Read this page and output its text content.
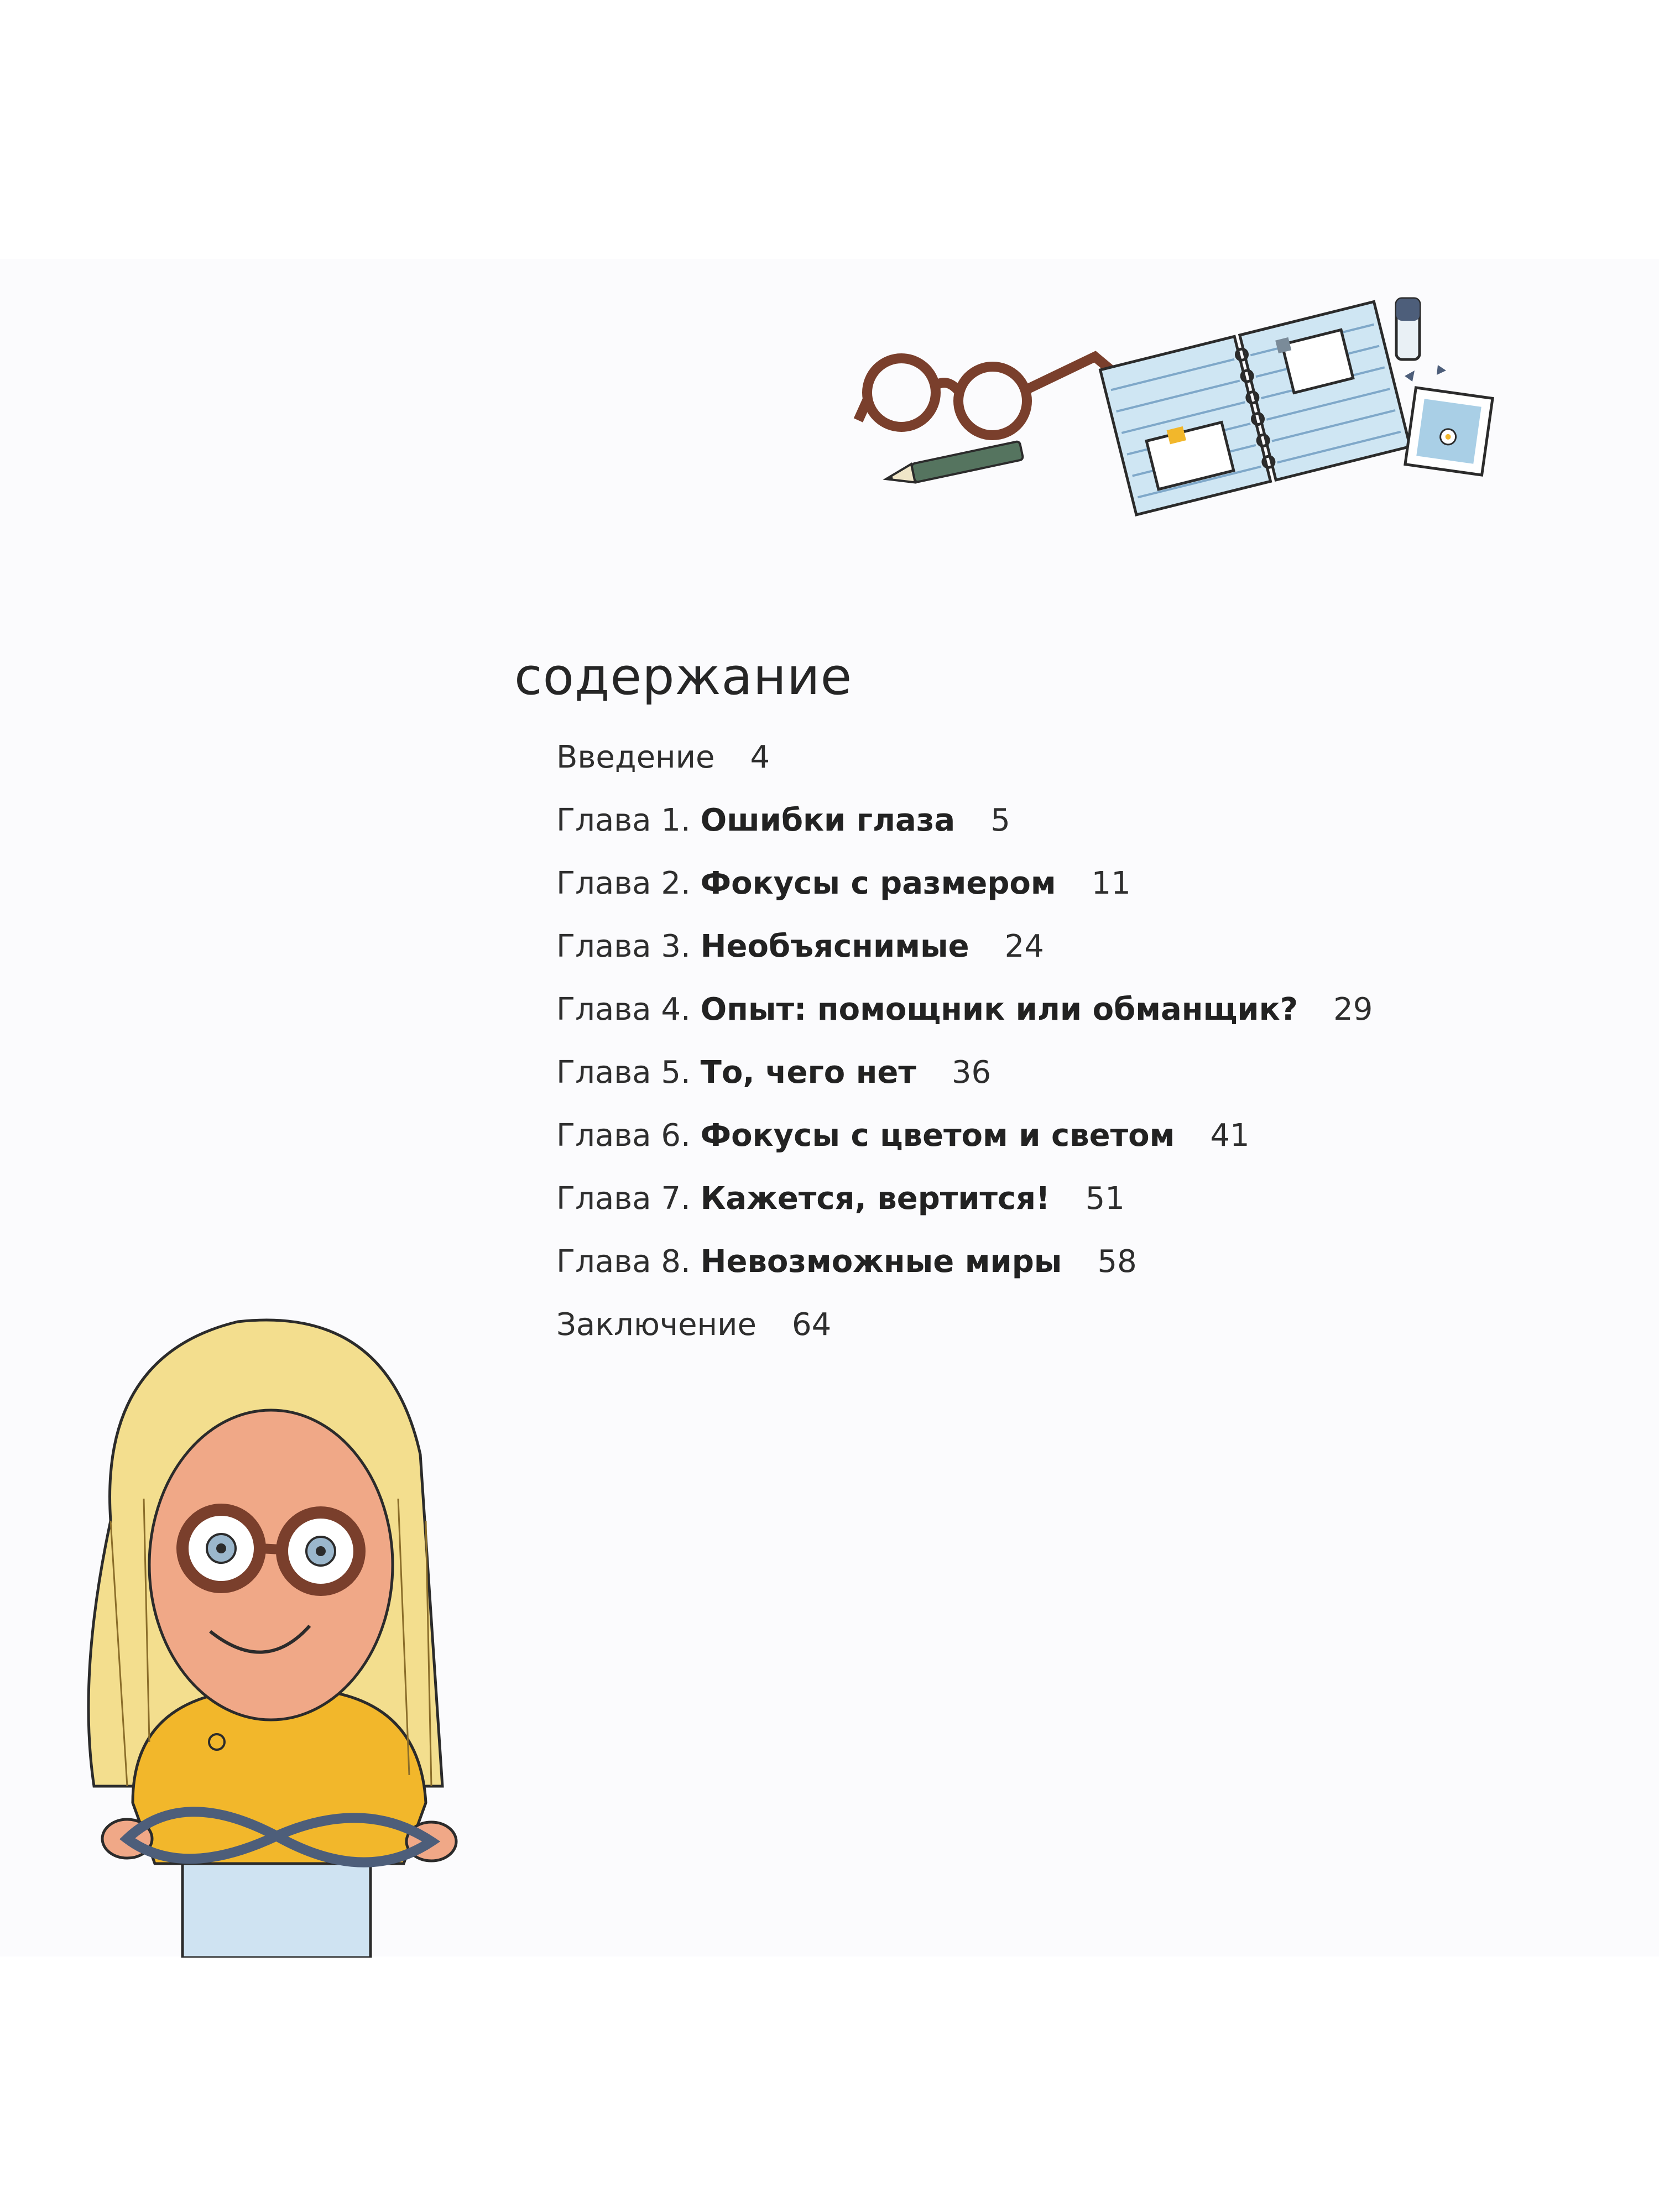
содержание
Введение 4
Глава 1. Ошибки глаза 5
Глава 2. Фокусы с размером 11
Глава 3. Необъяснимые 24
Глава 4. Опыт: помощник или обманщик? 29
Глава 5. То, чего нет 36
Глава 6. Фокусы с цветом и светом 41
Глава 7. Кажется, вертится! 51
Глава 8. Невозможные миры 58
Заключение 64
